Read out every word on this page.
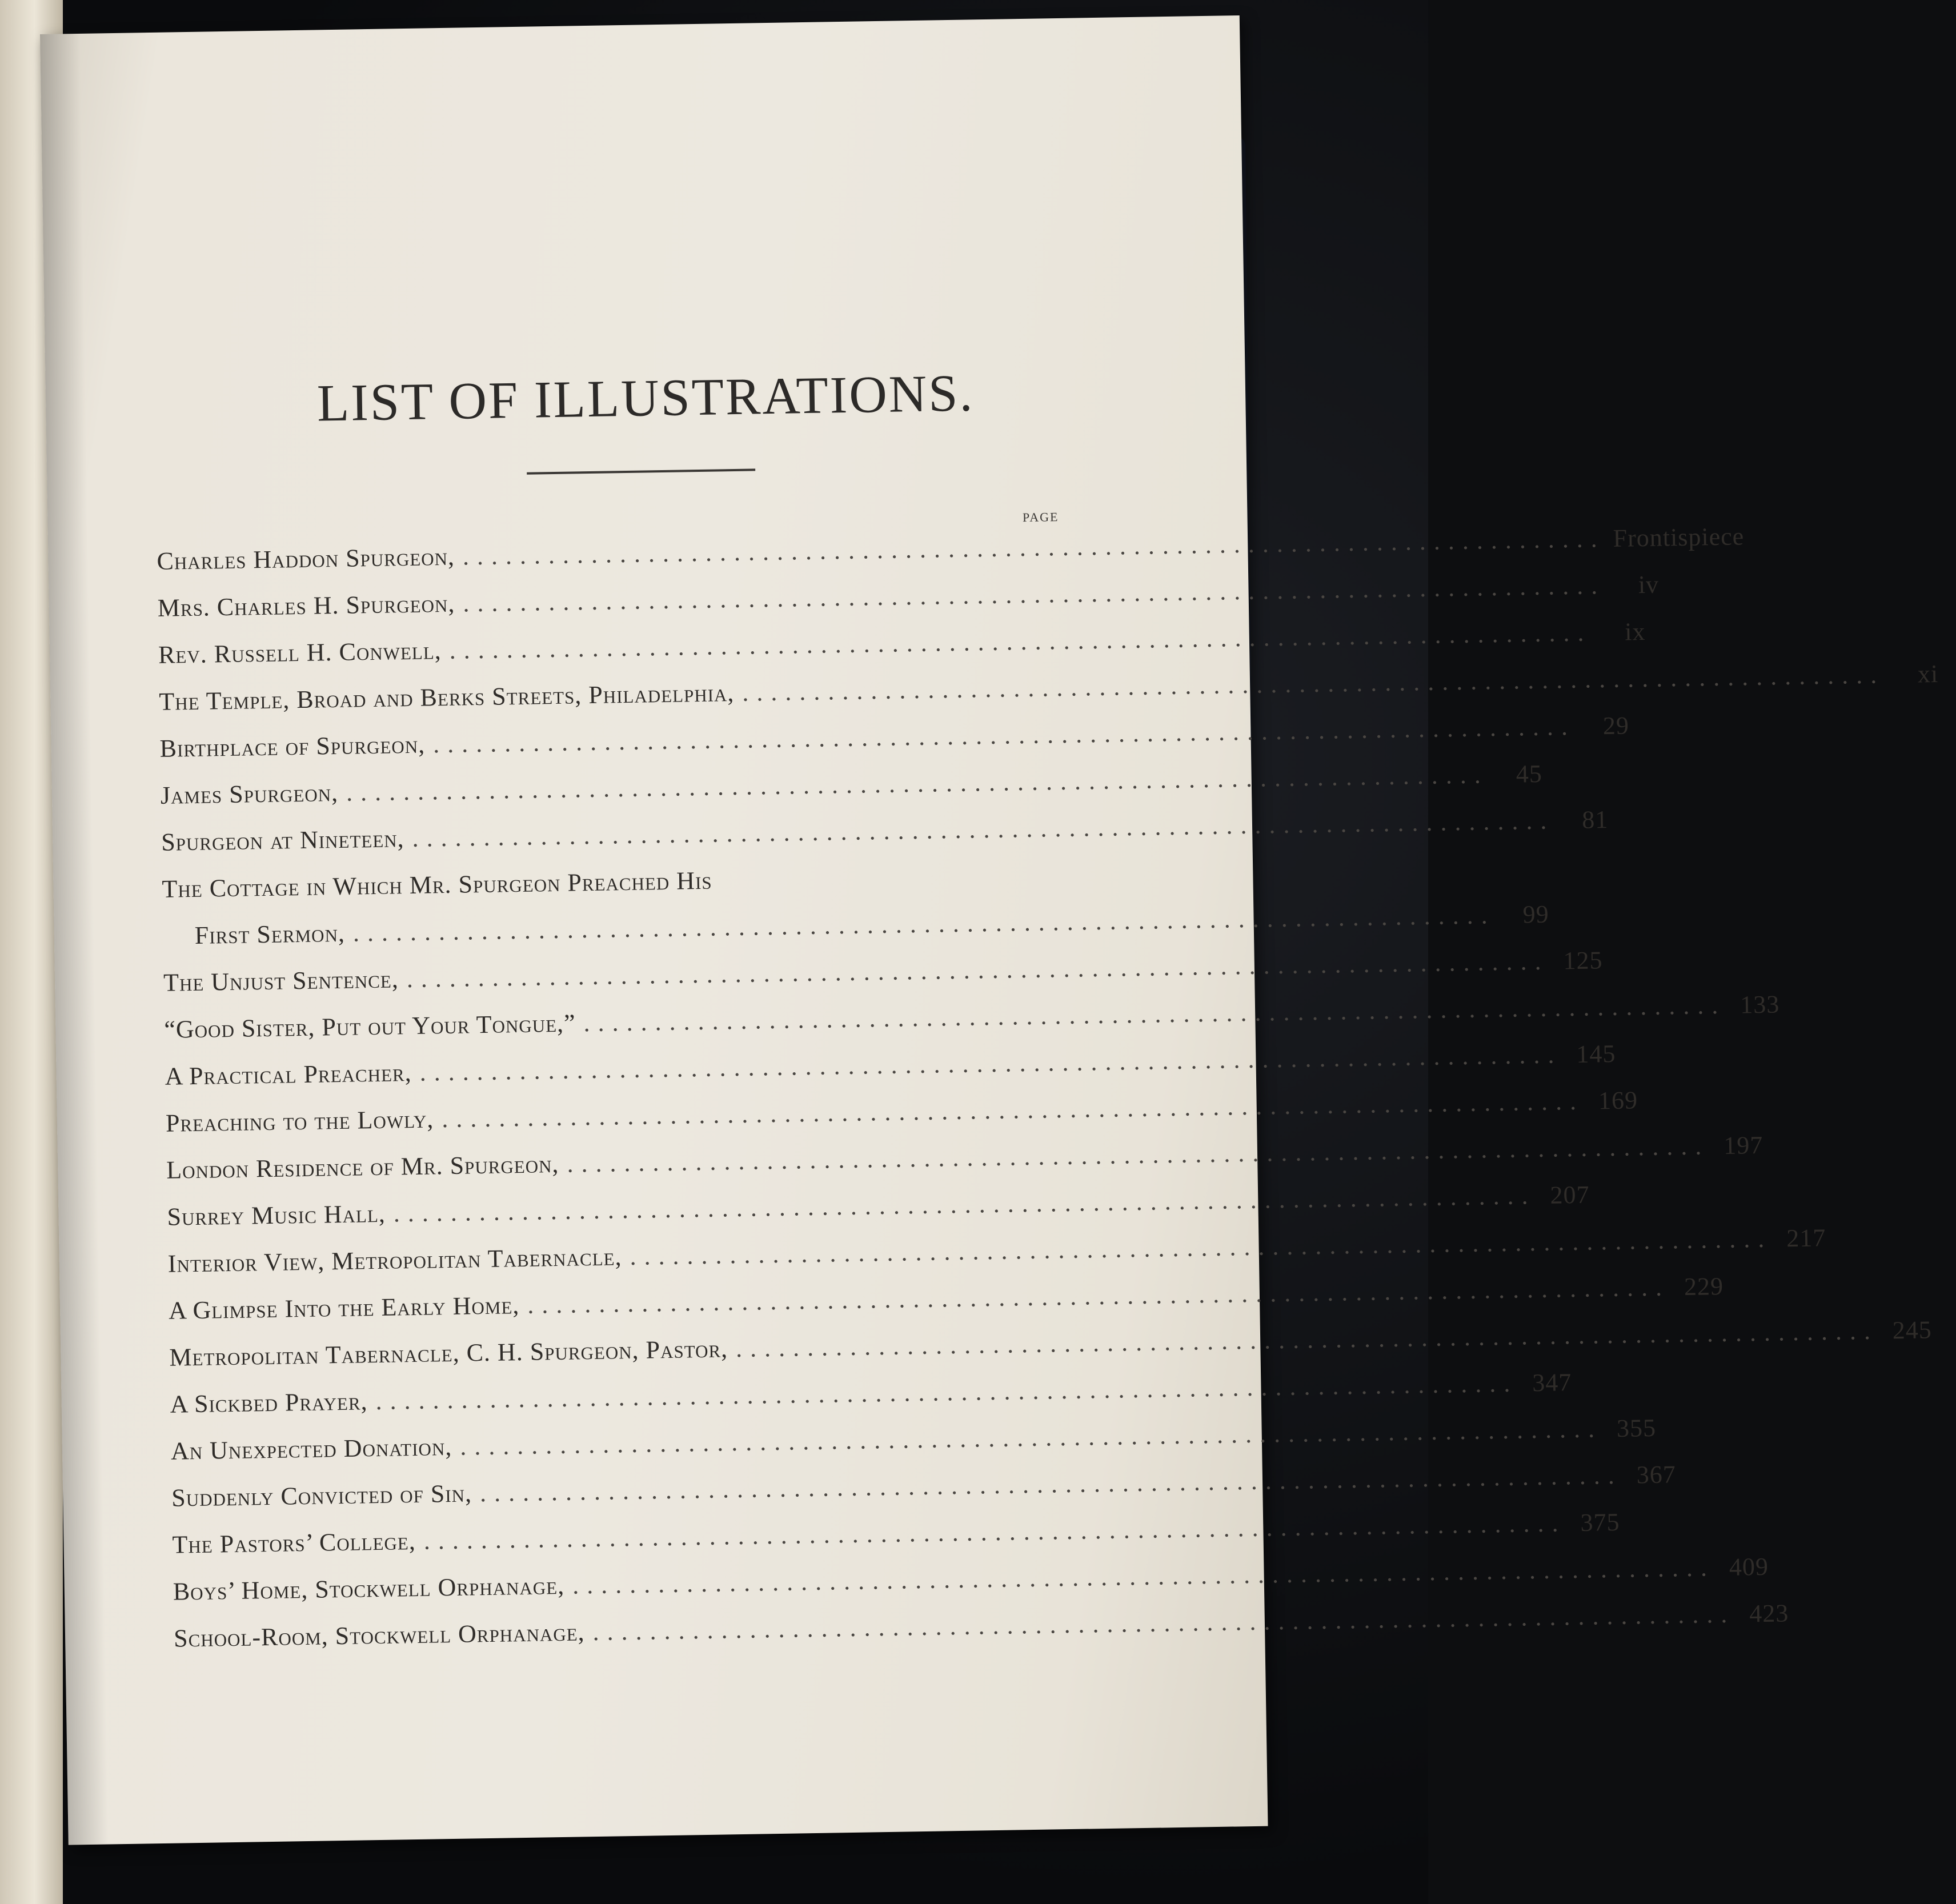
LIST OF ILLUSTRATIONS.
PAGE
Charles Haddon Spurgeon, ................................................................................ Frontispiece
Mrs. Charles H. Spurgeon, ................................................................................	iv
Rev. Russell H. Conwell, ................................................................................	ix
The Temple, Broad and Berks Streets, Philadelphia, ................................................................................	xi
Birthplace of Spurgeon, ................................................................................	29
James Spurgeon, ................................................................................	45
Spurgeon at Nineteen, ................................................................................	81
The Cottage in Which Mr. Spurgeon Preached His
First Sermon, ................................................................................	99
The Unjust Sentence, ................................................................................ 125
“Good Sister, Put out Your Tongue,” ................................................................................ 133
A Practical Preacher, ................................................................................ 145
Preaching to the Lowly, ................................................................................ 169
London Residence of Mr. Spurgeon, ................................................................................ 197
Surrey Music Hall, ................................................................................ 207
Interior View, Metropolitan Tabernacle, ................................................................................ 217
A Glimpse Into the Early Home, ................................................................................ 229
Metropolitan Tabernacle, C. H. Spurgeon, Pastor, ................................................................................ 245
A Sickbed Prayer, ................................................................................ 347
An Unexpected Donation, ................................................................................ 355
Suddenly Convicted of Sin, ................................................................................ 367
The Pastors’ College, ................................................................................ 375
Boys’ Home, Stockwell Orphanage, ................................................................................ 409
School-Room, Stockwell Orphanage, ................................................................................ 423
